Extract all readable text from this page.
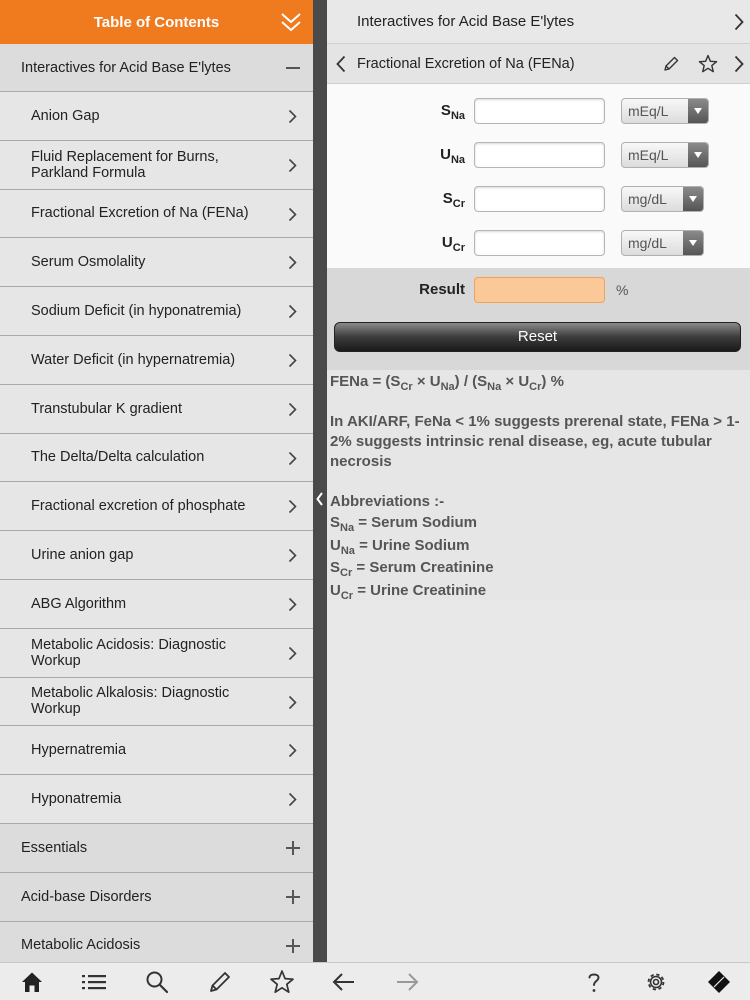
Table of Contents
Interactives for Acid Base E'lytes
Anion Gap
Fluid Replacement for Burns, Parkland Formula
Fractional Excretion of Na (FENa)
Serum Osmolality
Sodium Deficit (in hyponatremia)
Water Deficit (in hypernatremia)
Transtubular K gradient
The Delta/Delta calculation
Fractional excretion of phosphate
Urine anion gap
ABG Algorithm
Metabolic Acidosis: Diagnostic Workup
Metabolic Alkalosis: Diagnostic Workup
Hypernatremia
Hyponatremia
Essentials
Acid-base Disorders
Metabolic Acidosis
Interactives for Acid Base E'lytes
Fractional Excretion of Na (FENa)
$S_{Na}$	mEq/L
$U_{Na}$	mEq/L
$S_{Cr}$	mg/dL
$U_{Cr}$	mg/dL
Result	%
Reset
FENa = $(S_{Cr} \times U_{Na}) / (S_{Na} \times U_{Cr})$ %
In AKI/ARF, FeNa < 1% suggests prerenal state, FENa > 1-2% suggests intrinsic renal disease, eg, acute tubular necrosis
Abbreviations :-
$S_{Na}$ = Serum Sodium
$U_{Na}$ = Urine Sodium
$S_{Cr}$ = Serum Creatinine
$U_{Cr}$ = Urine Creatinine
